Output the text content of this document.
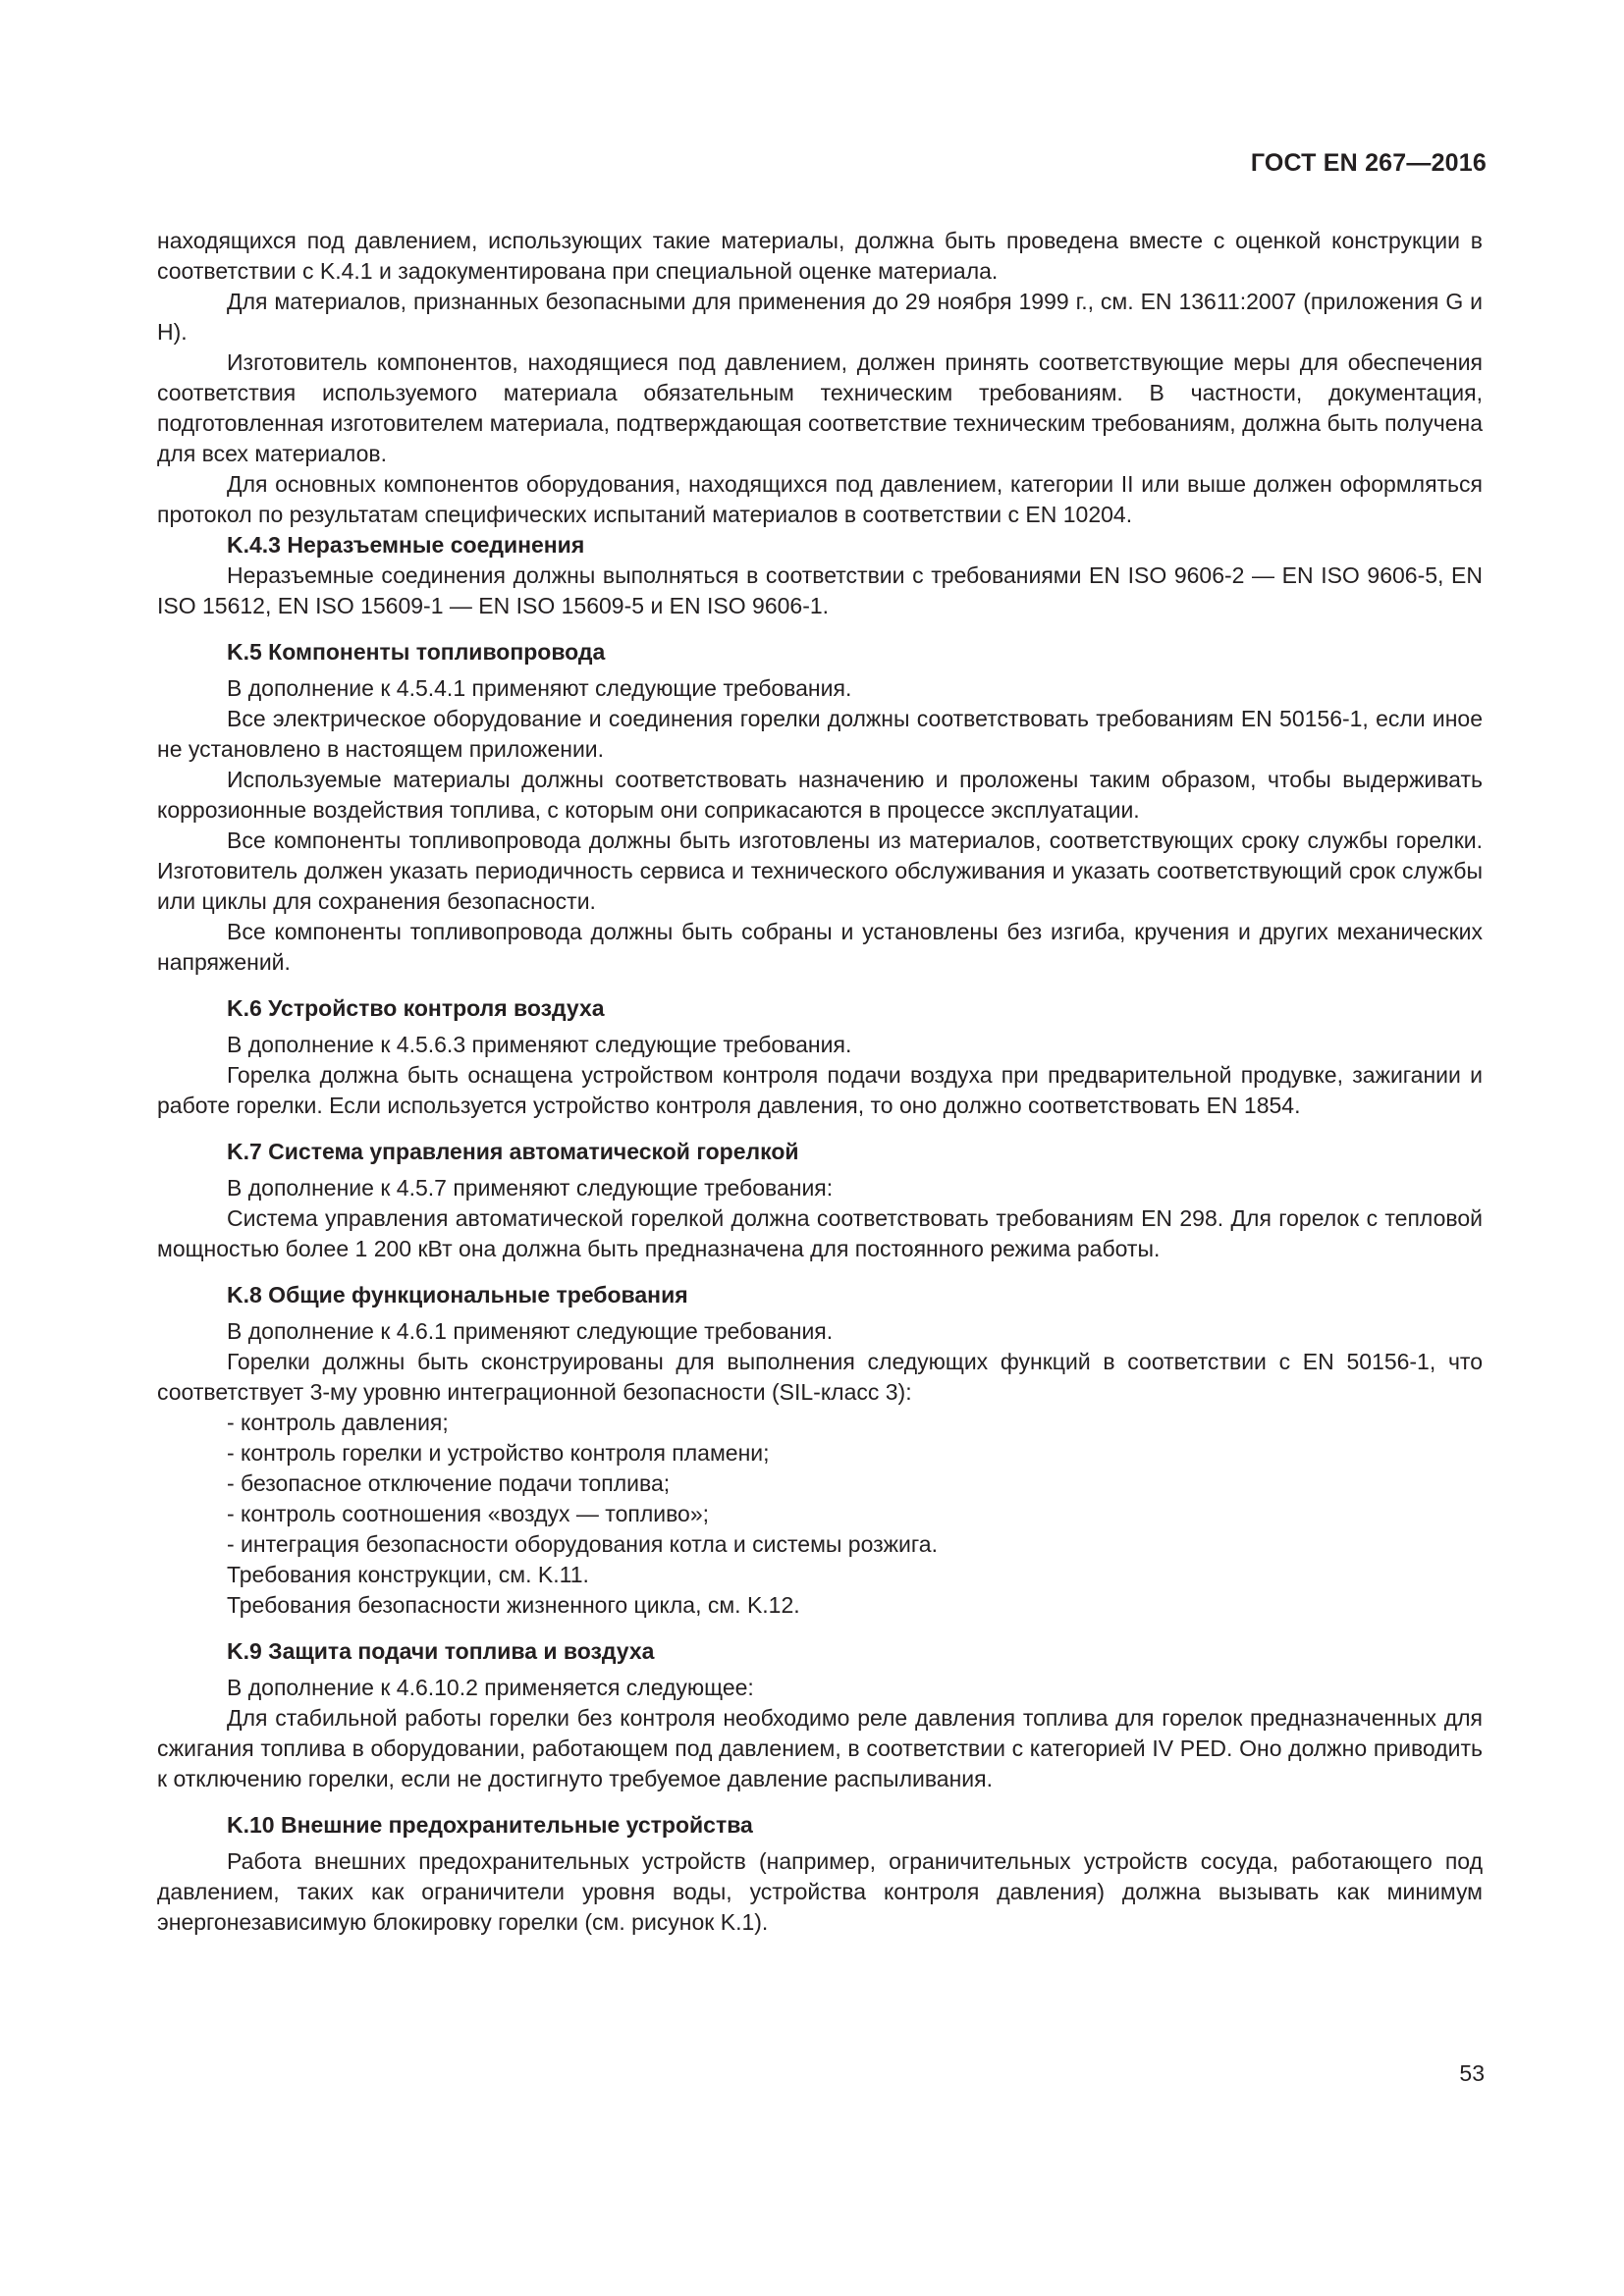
ГОСТ EN 267—2016

находящихся под давлением, использующих такие материалы, должна быть проведена вместе с оценкой конструкции в соответствии с K.4.1 и задокументирована при специальной оценке материала.

Для материалов, признанных безопасными для применения до 29 ноября 1999 г., см. EN 13611:2007 (приложения G и H).

Изготовитель компонентов, находящиеся под давлением, должен принять соответствующие меры для обеспечения соответствия используемого материала обязательным техническим требованиям. В частности, документация, подготовленная изготовителем материала, подтверждающая соответствие техническим требованиям, должна быть получена для всех материалов.

Для основных компонентов оборудования, находящихся под давлением, категории II или выше должен оформляться протокол по результатам специфических испытаний материалов в соответствии с EN 10204.

K.4.3 Неразъемные соединения

Неразъемные соединения должны выполняться в соответствии с требованиями EN ISO 9606-2 — EN ISO 9606-5, EN ISO 15612, EN ISO 15609-1 — EN ISO 15609-5 и EN ISO 9606-1.

K.5 Компоненты топливопровода

В дополнение к 4.5.4.1 применяют следующие требования.

Все электрическое оборудование и соединения горелки должны соответствовать требованиям EN 50156-1, если иное не установлено в настоящем приложении.

Используемые материалы должны соответствовать назначению и проложены таким образом, чтобы выдерживать коррозионные воздействия топлива, с которым они соприкасаются в процессе эксплуатации.

Все компоненты топливопровода должны быть изготовлены из материалов, соответствующих сроку службы горелки. Изготовитель должен указать периодичность сервиса и технического обслуживания и указать соответствующий срок службы или циклы для сохранения безопасности.

Все компоненты топливопровода должны быть собраны и установлены без изгиба, кручения и других механических напряжений.

K.6 Устройство контроля воздуха

В дополнение к 4.5.6.3 применяют следующие требования.

Горелка должна быть оснащена устройством контроля подачи воздуха при предварительной продувке, зажигании и работе горелки. Если используется устройство контроля давления, то оно должно соответствовать EN 1854.

K.7 Система управления автоматической горелкой

В дополнение к 4.5.7 применяют следующие требования:

Система управления автоматической горелкой должна соответствовать требованиям EN 298. Для горелок с тепловой мощностью более 1 200 кВт она должна быть предназначена для постоянного режима работы.

K.8 Общие функциональные требования

В дополнение к 4.6.1 применяют следующие требования.

Горелки должны быть сконструированы для выполнения следующих функций в соответствии с EN 50156-1, что соответствует 3-му уровню интеграционной безопасности (SIL-класс 3):

- контроль давления;

- контроль горелки и устройство контроля пламени;

- безопасное отключение подачи топлива;

- контроль соотношения «воздух — топливо»;

- интеграция безопасности оборудования котла и системы розжига.

Требования конструкции, см. K.11.

Требования безопасности жизненного цикла, см. K.12.

K.9 Защита подачи топлива и воздуха

В дополнение к 4.6.10.2 применяется следующее:

Для стабильной работы горелки без контроля необходимо реле давления топлива для горелок предназначенных для сжигания топлива в оборудовании, работающем под давлением, в соответствии с категорией IV PED. Оно должно приводить к отключению горелки, если не достигнуто требуемое давление распыливания.

K.10 Внешние предохранительные устройства

Работа внешних предохранительных устройств (например, ограничительных устройств сосуда, работающего под давлением, таких как ограничители уровня воды, устройства контроля давления) должна вызывать как минимум энергонезависимую блокировку горелки (см. рисунок K.1).

53
